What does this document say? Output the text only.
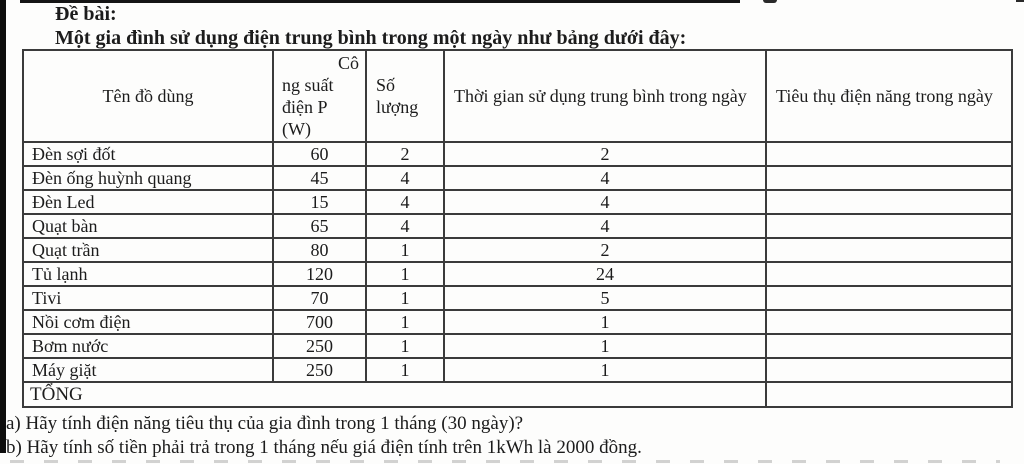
Đề bài:
Một gia đình sử dụng điện trung bình trong một ngày như bảng dưới đây:
Tên đồ dùng	Cô
ng suất
điện P
(W)	Số lượng	Thời gian sử dụng trung bình trong ngày	Tiêu thụ điện năng trong ngày
Đèn sợi đốt	60	2	2	
Đèn ống huỳnh quang	45	4	4	
Đèn Led	15	4	4	
Quạt bàn	65	4	4	
Quạt trần	80	1	2	
Tủ lạnh	120	1	24	
Tivi	70	1	5	
Nồi cơm điện	700	1	1	
Bơm nước	250	1	1	
Máy giặt	250	1	1	
TỔNG				
a) Hãy tính điện năng tiêu thụ của gia đình trong 1 tháng (30 ngày)?
b) Hãy tính số tiền phải trả trong 1 tháng nếu giá điện tính trên 1kWh là 2000 đồng.
